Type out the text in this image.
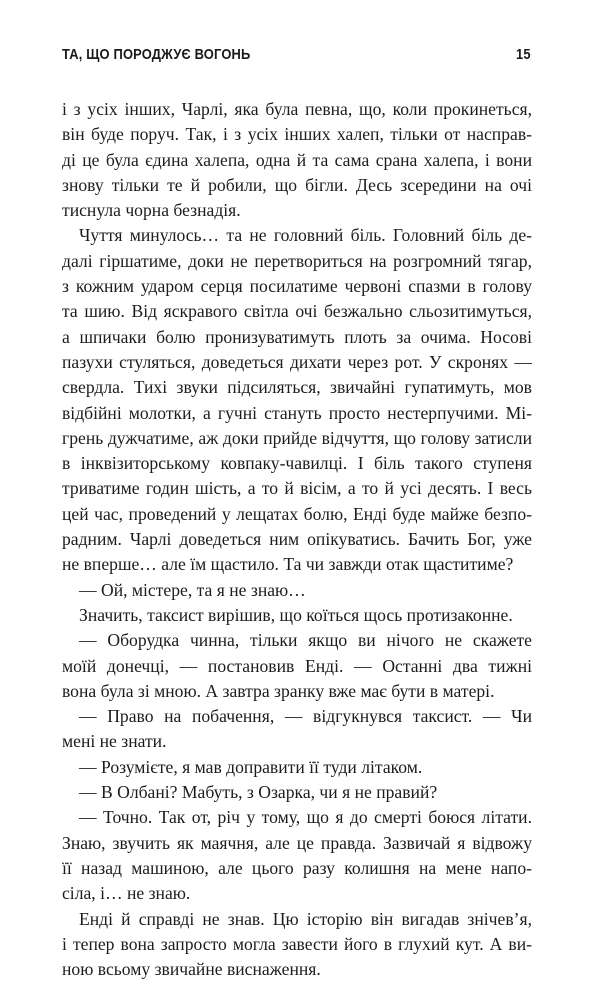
ТА, ЩО ПОРОДЖУЄ ВОГОНЬ	15
і з усіх інших, Чарлі, яка була певна, що, коли прокинеться,
він буде поруч. Так, і з усіх інших халеп, тільки от насправ-
ді це була єдина халепа, одна й та сама срана халепа, і вони
знову тільки те й робили, що бігли. Десь зсередини на очі
тиснула чорна безнадія.
Чуття минулось… та не головний біль. Головний біль де-
далі гіршатиме, доки не перетвориться на розгромний тягар,
з кожним ударом серця посилатиме червоні спазми в голову
та шию. Від яскравого світла очі безжально сльозитимуться,
а шпичаки болю пронизуватимуть плоть за очима. Носові
пазухи стуляться, доведеться дихати через рот. У скронях —
свердла. Тихі звуки підсиляться, звичайні гупатимуть, мов
відбійні молотки, а гучні стануть просто нестерпучими. Мі-
грень дужчатиме, аж доки прийде відчуття, що голову затисли
в інквізиторському ковпаку-чавилці. І біль такого ступеня
триватиме годин шість, а то й вісім, а то й усі десять. І весь
цей час, проведений у лещатах болю, Енді буде майже безпо-
радним. Чарлі доведеться ним опікуватись. Бачить Бог, уже
не вперше… але їм щастило. Та чи завжди отак щаститиме?
— Ой, містере, та я не знаю…
Значить, таксист вирішив, що коїться щось протизаконне.
— Оборудка чинна, тільки якщо ви нічого не скажете
моїй донечці, — постановив Енді. — Останні два тижні
вона була зі мною. А завтра зранку вже має бути в матері.
— Право на побачення, — відгукнувся таксист. — Чи
мені не знати.
— Розумієте, я мав доправити її туди літаком.
— В Олбані? Мабуть, з Озарка, чи я не правий?
— Точно. Так от, річ у тому, що я до смерті боюся літати.
Знаю, звучить як маячня, але це правда. Зазвичай я відвожу
її назад машиною, але цього разу колишня на мене напо-
сіла, і… не знаю.
Енді й справді не знав. Цю історію він вигадав знічев’я,
і тепер вона запросто могла завести його в глухий кут. А ви-
ною всьому звичайне виснаження.
